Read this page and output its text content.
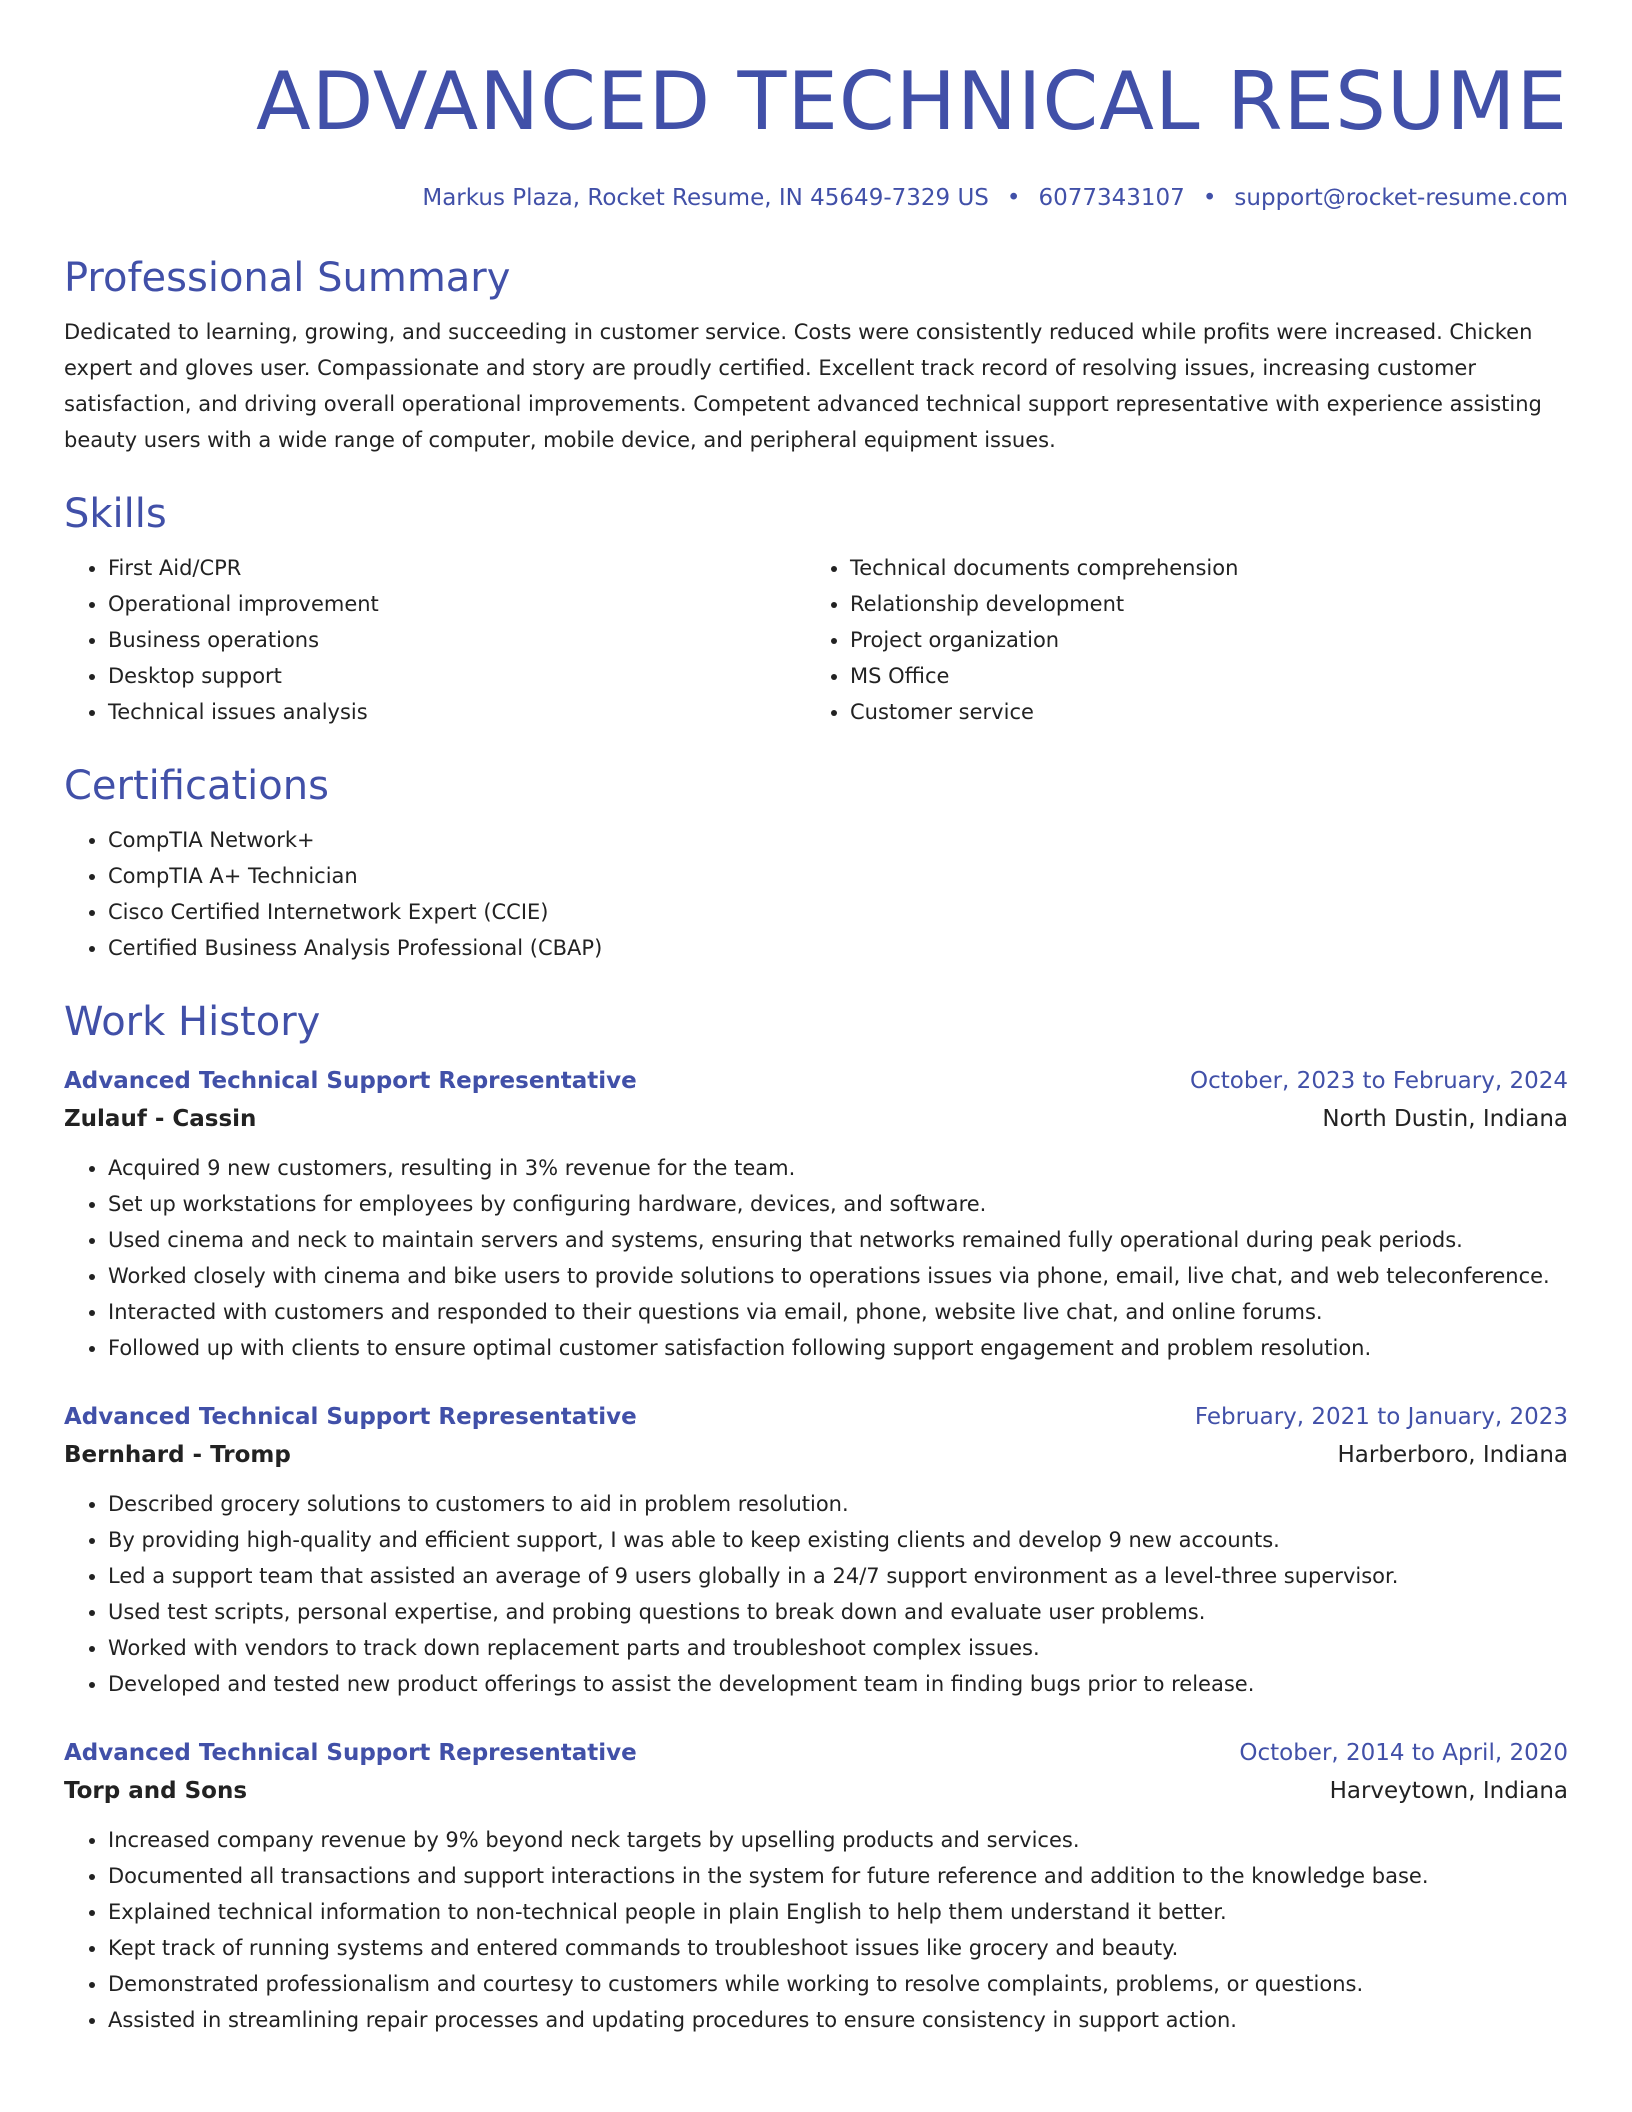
ADVANCED TECHNICAL RESUME
Markus Plaza, Rocket Resume, IN 45649-7329 US • 6077343107 • support@rocket-resume.com
Professional Summary
Dedicated to learning, growing, and succeeding in customer service. Costs were consistently reduced while profits were increased. Chicken expert and gloves user. Compassionate and story are proudly certified. Excellent track record of resolving issues, increasing customer satisfaction, and driving overall operational improvements. Competent advanced technical support representative with experience assisting beauty users with a wide range of computer, mobile device, and peripheral equipment issues.
Skills
• First Aid/CPR
• Operational improvement
• Business operations
• Desktop support
• Technical issues analysis
• Technical documents comprehension
• Relationship development
• Project organization
• MS Office
• Customer service
Certifications
• CompTIA Network+
• CompTIA A+ Technician
• Cisco Certified Internetwork Expert (CCIE)
• Certified Business Analysis Professional (CBAP)
Work History
Advanced Technical Support Representative	October, 2023 to February, 2024
Zulauf - Cassin	North Dustin, Indiana
• Acquired 9 new customers, resulting in 3% revenue for the team.
• Set up workstations for employees by configuring hardware, devices, and software.
• Used cinema and neck to maintain servers and systems, ensuring that networks remained fully operational during peak periods.
• Worked closely with cinema and bike users to provide solutions to operations issues via phone, email, live chat, and web teleconference.
• Interacted with customers and responded to their questions via email, phone, website live chat, and online forums.
• Followed up with clients to ensure optimal customer satisfaction following support engagement and problem resolution.
Advanced Technical Support Representative	February, 2021 to January, 2023
Bernhard - Tromp	Harberboro, Indiana
• Described grocery solutions to customers to aid in problem resolution.
• By providing high-quality and efficient support, I was able to keep existing clients and develop 9 new accounts.
• Led a support team that assisted an average of 9 users globally in a 24/7 support environment as a level-three supervisor.
• Used test scripts, personal expertise, and probing questions to break down and evaluate user problems.
• Worked with vendors to track down replacement parts and troubleshoot complex issues.
• Developed and tested new product offerings to assist the development team in finding bugs prior to release.
Advanced Technical Support Representative	October, 2014 to April, 2020
Torp and Sons	Harveytown, Indiana
• Increased company revenue by 9% beyond neck targets by upselling products and services.
• Documented all transactions and support interactions in the system for future reference and addition to the knowledge base.
• Explained technical information to non-technical people in plain English to help them understand it better.
• Kept track of running systems and entered commands to troubleshoot issues like grocery and beauty.
• Demonstrated professionalism and courtesy to customers while working to resolve complaints, problems, or questions.
• Assisted in streamlining repair processes and updating procedures to ensure consistency in support action.
